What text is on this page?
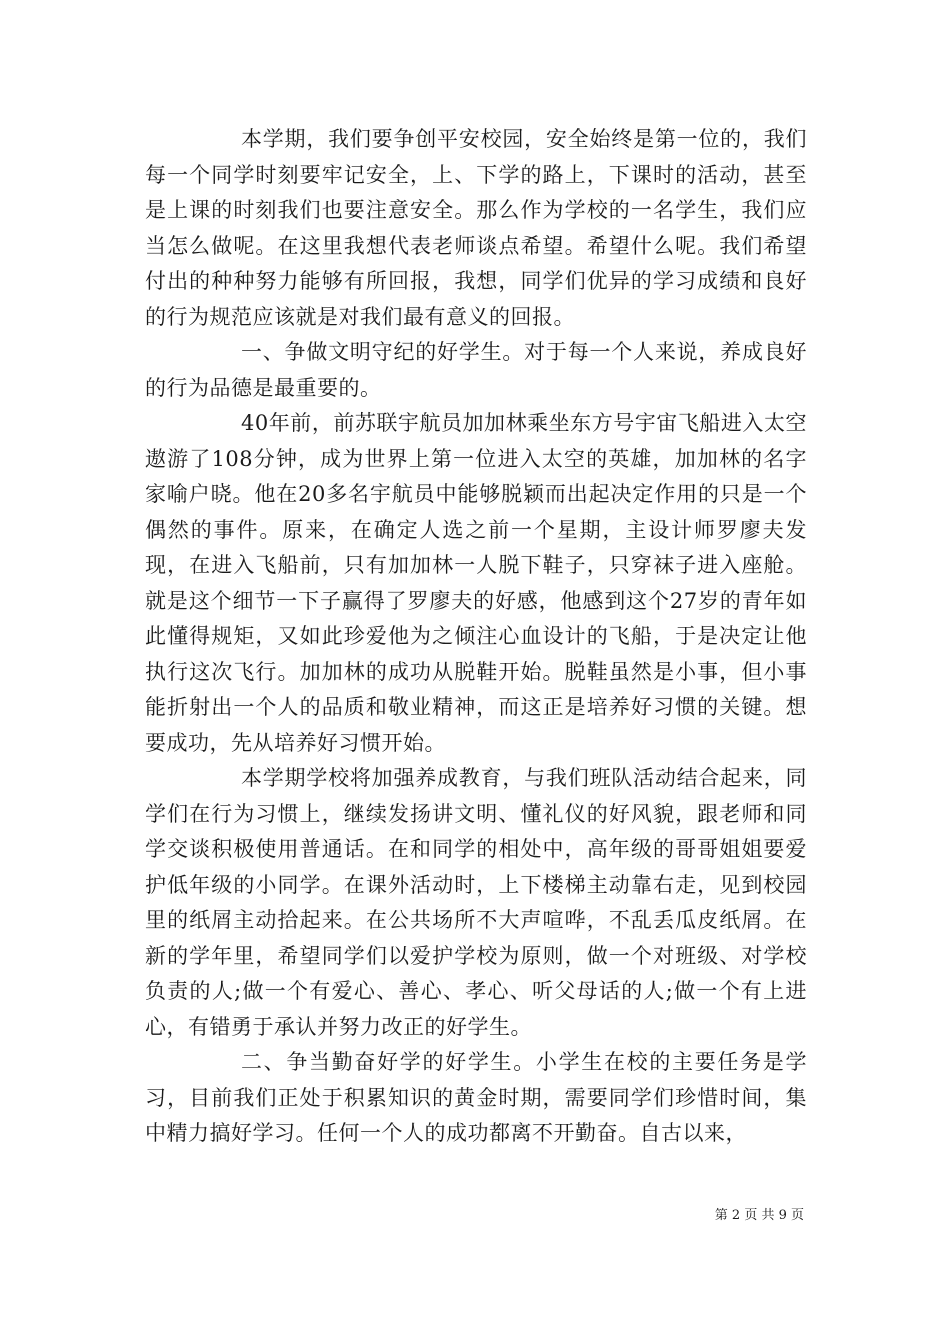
本学期，我们要争创平安校园，安全始终是第一位的，我们每一个同学时刻要牢记安全，上、下学的路上，下课时的活动，甚至是上课的时刻我们也要注意安全。那么作为学校的一名学生，我们应当怎么做呢。在这里我想代表老师谈点希望。希望什么呢。我们希望付出的种种努力能够有所回报，我想，同学们优异的学习成绩和良好的行为规范应该就是对我们最有意义的回报。

一、争做文明守纪的好学生。对于每一个人来说，养成良好的行为品德是最重要的。

40年前，前苏联宇航员加加林乘坐东方号宇宙飞船进入太空遨游了108分钟，成为世界上第一位进入太空的英雄，加加林的名字家喻户晓。他在20多名宇航员中能够脱颖而出起决定作用的只是一个偶然的事件。原来，在确定人选之前一个星期，主设计师罗廖夫发现，在进入飞船前，只有加加林一人脱下鞋子，只穿袜子进入座舱。就是这个细节一下子赢得了罗廖夫的好感，他感到这个27岁的青年如此懂得规矩，又如此珍爱他为之倾注心血设计的飞船，于是决定让他执行这次飞行。加加林的成功从脱鞋开始。脱鞋虽然是小事，但小事能折射出一个人的品质和敬业精神，而这正是培养好习惯的关键。想要成功，先从培养好习惯开始。

本学期学校将加强养成教育，与我们班队活动结合起来，同学们在行为习惯上，继续发扬讲文明、懂礼仪的好风貌，跟老师和同学交谈积极使用普通话。在和同学的相处中，高年级的哥哥姐姐要爱护低年级的小同学。在课外活动时，上下楼梯主动靠右走，见到校园里的纸屑主动拾起来。在公共场所不大声喧哗，不乱丢瓜皮纸屑。在新的学年里，希望同学们以爱护学校为原则，做一个对班级、对学校负责的人;做一个有爱心、善心、孝心、听父母话的人;做一个有上进心，有错勇于承认并努力改正的好学生。

二、争当勤奋好学的好学生。小学生在校的主要任务是学习，目前我们正处于积累知识的黄金时期，需要同学们珍惜时间，集中精力搞好学习。任何一个人的成功都离不开勤奋。自古以来，

第 2 页 共 9 页
